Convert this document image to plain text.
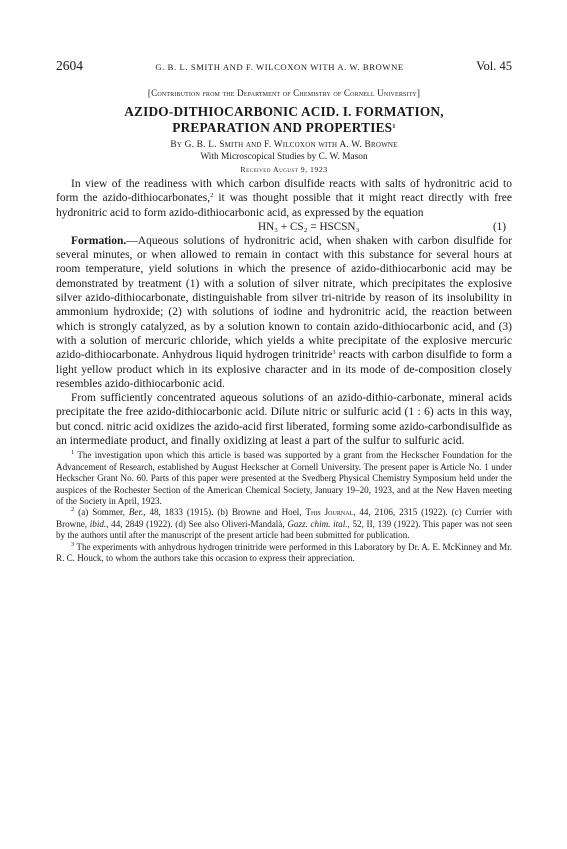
2604	G. B. L. SMITH AND F. WILCOXON WITH A. W. BROWNE	Vol. 45
[Contribution from the Department of Chemistry of Cornell University]
AZIDO-DITHIOCARBONIC ACID. I. FORMATION,
PREPARATION AND PROPERTIES$^1$
By G. B. L. Smith and F. Wilcoxon with A. W. Browne
With Microscopical Studies by C. W. Mason
Received August 9, 1923

In view of the readiness with which carbon disulfide reacts with salts of hydronitric acid to form the azido-dithiocarbonates,$^2$ it was thought possible that it might react directly with free hydronitric acid to form azido-dithiocarbonic acid, as expressed by the equation

HN₃ + CS₂ = HSCSN₃	(1)

Formation.—Aqueous solutions of hydronitric acid, when shaken with carbon disulfide for several minutes, or when allowed to remain in contact with this substance for several hours at room temperature, yield solutions in which the presence of azido-dithiocarbonic acid may be demonstrated by treatment (1) with a solution of silver nitrate, which precipitates the explosive silver azido-dithiocarbonate, distinguishable from silver tri-nitride by reason of its insolubility in ammonium hydroxide; (2) with solutions of iodine and hydronitric acid, the reaction between which is strongly catalyzed, as by a solution known to contain azido-dithiocarbonic acid, and (3) with a solution of mercuric chloride, which yields a white precipitate of the explosive mercuric azido-dithiocarbonate. Anhydrous liquid hydrogen trinitride$^3$ reacts with carbon disulfide to form a light yellow product which in its explosive character and in its mode of de-composition closely resembles azido-dithiocarbonic acid.

From sufficiently concentrated aqueous solutions of an azido-dithio-carbonate, mineral acids precipitate the free azido-dithiocarbonic acid. Dilute nitric or sulfuric acid (1 : 6) acts in this way, but concd. nitric acid oxidizes the azido-acid first liberated, forming some azido-carbondisulfide as an intermediate product, and finally oxidizing at least a part of the sulfur to sulfuric acid.

$^1$ The investigation upon which this article is based was supported by a grant from the Heckscher Foundation for the Advancement of Research, established by August Heckscher at Cornell University. The present paper is Article No. 1 under Heckscher Grant No. 60. Parts of this paper were presented at the Svedberg Physical Chemistry Symposium held under the auspices of the Rochester Section of the American Chemical Society, January 19–20, 1923, and at the New Haven meeting of the Society in April, 1923.

$^2$ (a) Sommer, Ber., 48, 1833 (1915). (b) Browne and Hoel, This Journal, 44, 2106, 2315 (1922). (c) Currier with Browne, ibid., 44, 2849 (1922). (d) See also Oliveri-Mandalà, Gazz. chim. ital., 52, II, 139 (1922). This paper was not seen by the authors until after the manuscript of the present article had been submitted for publication.

$^3$ The experiments with anhydrous hydrogen trinitride were performed in this Laboratory by Dr. A. E. McKinney and Mr. R. C. Houck, to whom the authors take this occasion to express their appreciation.
